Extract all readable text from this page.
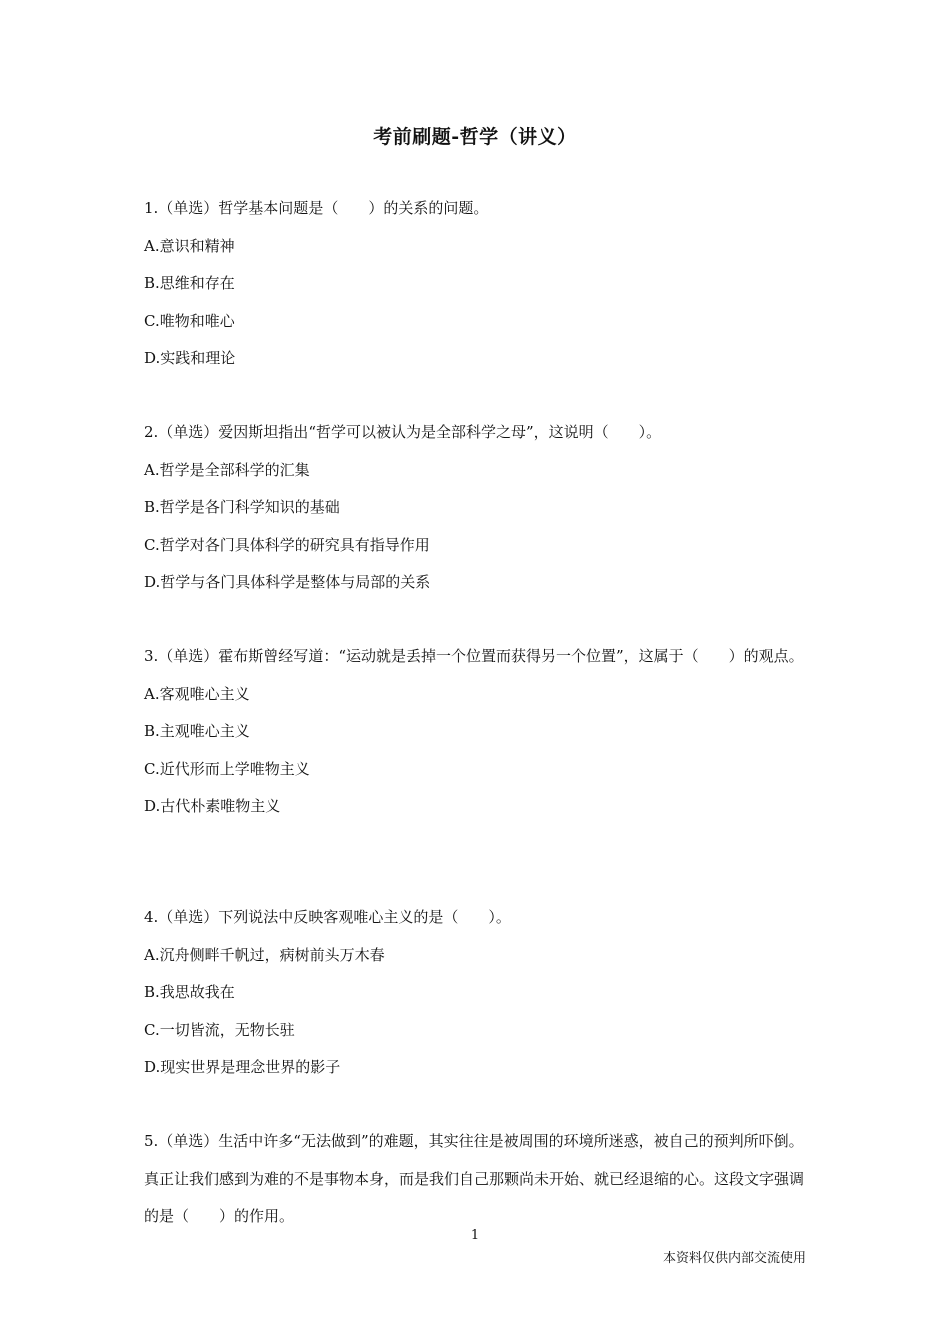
考前刷题-哲学（讲义）

1.（单选）哲学基本问题是（　　）的关系的问题。

A.意识和精神

B.思维和存在

C.唯物和唯心

D.实践和理论

2.（单选）爱因斯坦指出“哲学可以被认为是全部科学之母”，这说明（　　）。

A.哲学是全部科学的汇集

B.哲学是各门科学知识的基础

C.哲学对各门具体科学的研究具有指导作用

D.哲学与各门具体科学是整体与局部的关系

3.（单选）霍布斯曾经写道：“运动就是丢掉一个位置而获得另一个位置”，这属于（　　）的观点。

A.客观唯心主义

B.主观唯心主义

C.近代形而上学唯物主义

D.古代朴素唯物主义

4.（单选）下列说法中反映客观唯心主义的是（　　）。

A.沉舟侧畔千帆过，病树前头万木春

B.我思故我在

C.一切皆流，无物长驻

D.现实世界是理念世界的影子

5.（单选）生活中许多“无法做到”的难题，其实往往是被周围的环境所迷惑，被自己的预判所吓倒。真正让我们感到为难的不是事物本身，而是我们自己那颗尚未开始、就已经退缩的心。这段文字强调的是（　　）的作用。

1
本资料仅供内部交流使用
